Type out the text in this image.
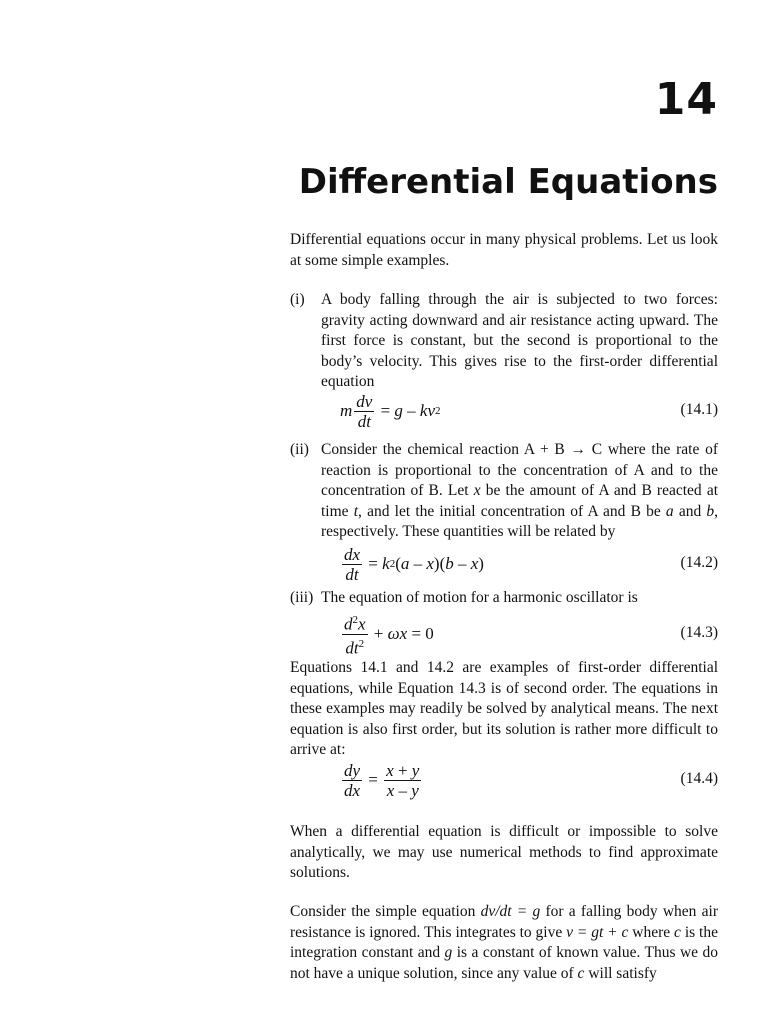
14
Differential Equations

Differential equations occur in many physical problems. Let us look at some simple examples.

(i) A body falling through the air is subjected to two forces: gravity acting downward and air resistance acting upward. The first force is constant, but the second is proportional to the body’s velocity. This gives rise to the first-order differential equation
m $\frac{dv}{dt}$ =
g
–
kv 2	(14.1)
(ii) Consider the chemical reaction A + B → C where the rate of reaction is proportional to the concentration of A and to the concentration of B. Let x be the amount of A and B reacted at time t, and let the initial concentration of A and B be a and b, respectively. These quantities will be related by
$\frac{dx}{dt}$ =
k 2 ( a
–
x )( b
–
x )	(14.2)
(iii) The equation of motion for a harmonic oscillator is
$\frac{d^2x}{dt^2}$ +
ωx
= 0	(14.3)

Equations 14.1 and 14.2 are examples of first-order differential equations, while Equation 14.3 is of second order. The equations in these examples may readily be solved by analytical means. The next equation is also first order, but its solution is rather more difficult to arrive at:

$\frac{dy}{dx} = \frac{x + y}{x - y}$	(14.4)

When a differential equation is difficult or impossible to solve analytically, we may use numerical methods to find approximate solutions.

Consider the simple equation dv/dt = g for a falling body when air resistance is ignored. This integrates to give v = gt + c where c is the integration constant and g is a constant of known value. Thus we do not have a unique solution, since any value of c will satisfy
